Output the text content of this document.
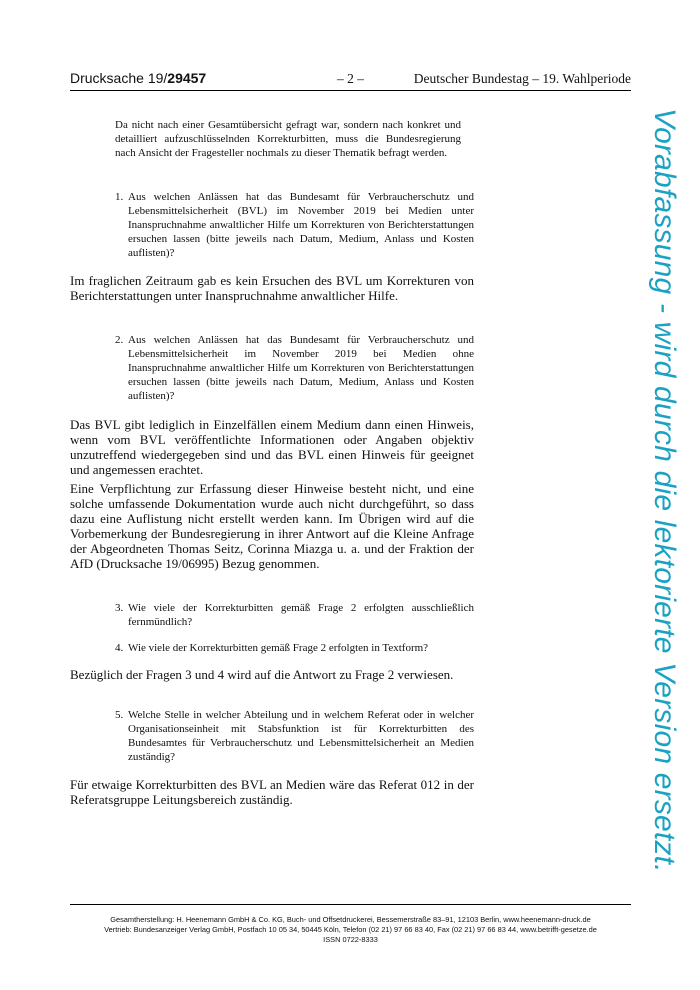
Drucksache 19/29457	– 2 –	Deutscher Bundestag – 19. Wahlperiode

Da nicht nach einer Gesamtübersicht gefragt war, sondern nach konkret und detailliert aufzuschlüsselnden Korrekturbitten, muss die Bundesregierung nach Ansicht der Fragesteller nochmals zu dieser Thematik befragt werden.

1. Aus welchen Anlässen hat das Bundesamt für Verbraucherschutz und Lebensmittelsicherheit (BVL) im November 2019 bei Medien unter Inanspruchnahme anwaltlicher Hilfe um Korrekturen von Berichterstattungen ersuchen lassen (bitte jeweils nach Datum, Medium, Anlass und Kosten auflisten)?

Im fraglichen Zeitraum gab es kein Ersuchen des BVL um Korrekturen von Berichterstattungen unter Inanspruchnahme anwaltlicher Hilfe.

2. Aus welchen Anlässen hat das Bundesamt für Verbraucherschutz und Lebensmittelsicherheit im November 2019 bei Medien ohne Inanspruchnahme anwaltlicher Hilfe um Korrekturen von Berichterstattungen ersuchen lassen (bitte jeweils nach Datum, Medium, Anlass und Kosten auflisten)?

Das BVL gibt lediglich in Einzelfällen einem Medium dann einen Hinweis, wenn vom BVL veröffentlichte Informationen oder Angaben objektiv unzutreffend wiedergegeben sind und das BVL einen Hinweis für geeignet und angemessen erachtet.

Eine Verpflichtung zur Erfassung dieser Hinweise besteht nicht, und eine solche umfassende Dokumentation wurde auch nicht durchgeführt, so dass dazu eine Auflistung nicht erstellt werden kann. Im Übrigen wird auf die Vorbemerkung der Bundesregierung in ihrer Antwort auf die Kleine Anfrage der Abgeordneten Thomas Seitz, Corinna Miazga u. a. und der Fraktion der AfD (Drucksache 19/06995) Bezug genommen.

3. Wie viele der Korrekturbitten gemäß Frage 2 erfolgten ausschließlich fernmündlich?
4. Wie viele der Korrekturbitten gemäß Frage 2 erfolgten in Textform?

Bezüglich der Fragen 3 und 4 wird auf die Antwort zu Frage 2 verwiesen.

5. Welche Stelle in welcher Abteilung und in welchem Referat oder in welcher Organisationseinheit mit Stabsfunktion ist für Korrekturbitten des Bundesamtes für Verbraucherschutz und Lebensmittelsicherheit an Medien zuständig?

Für etwaige Korrekturbitten des BVL an Medien wäre das Referat 012 in der Referatsgruppe Leitungsbereich zuständig.	Vorabfassung - wird durch die lektorierte Version ersetzt.
Gesamtherstellung: H. Heenemann GmbH & Co. KG, Buch- und Offsetdruckerei, Bessemerstraße 83–91, 12103 Berlin, www.heenemann-druck.de
Vertrieb: Bundesanzeiger Verlag GmbH, Postfach 10 05 34, 50445 Köln, Telefon (02 21) 97 66 83 40, Fax (02 21) 97 66 83 44, www.betrifft-gesetze.de
ISSN 0722-8333
